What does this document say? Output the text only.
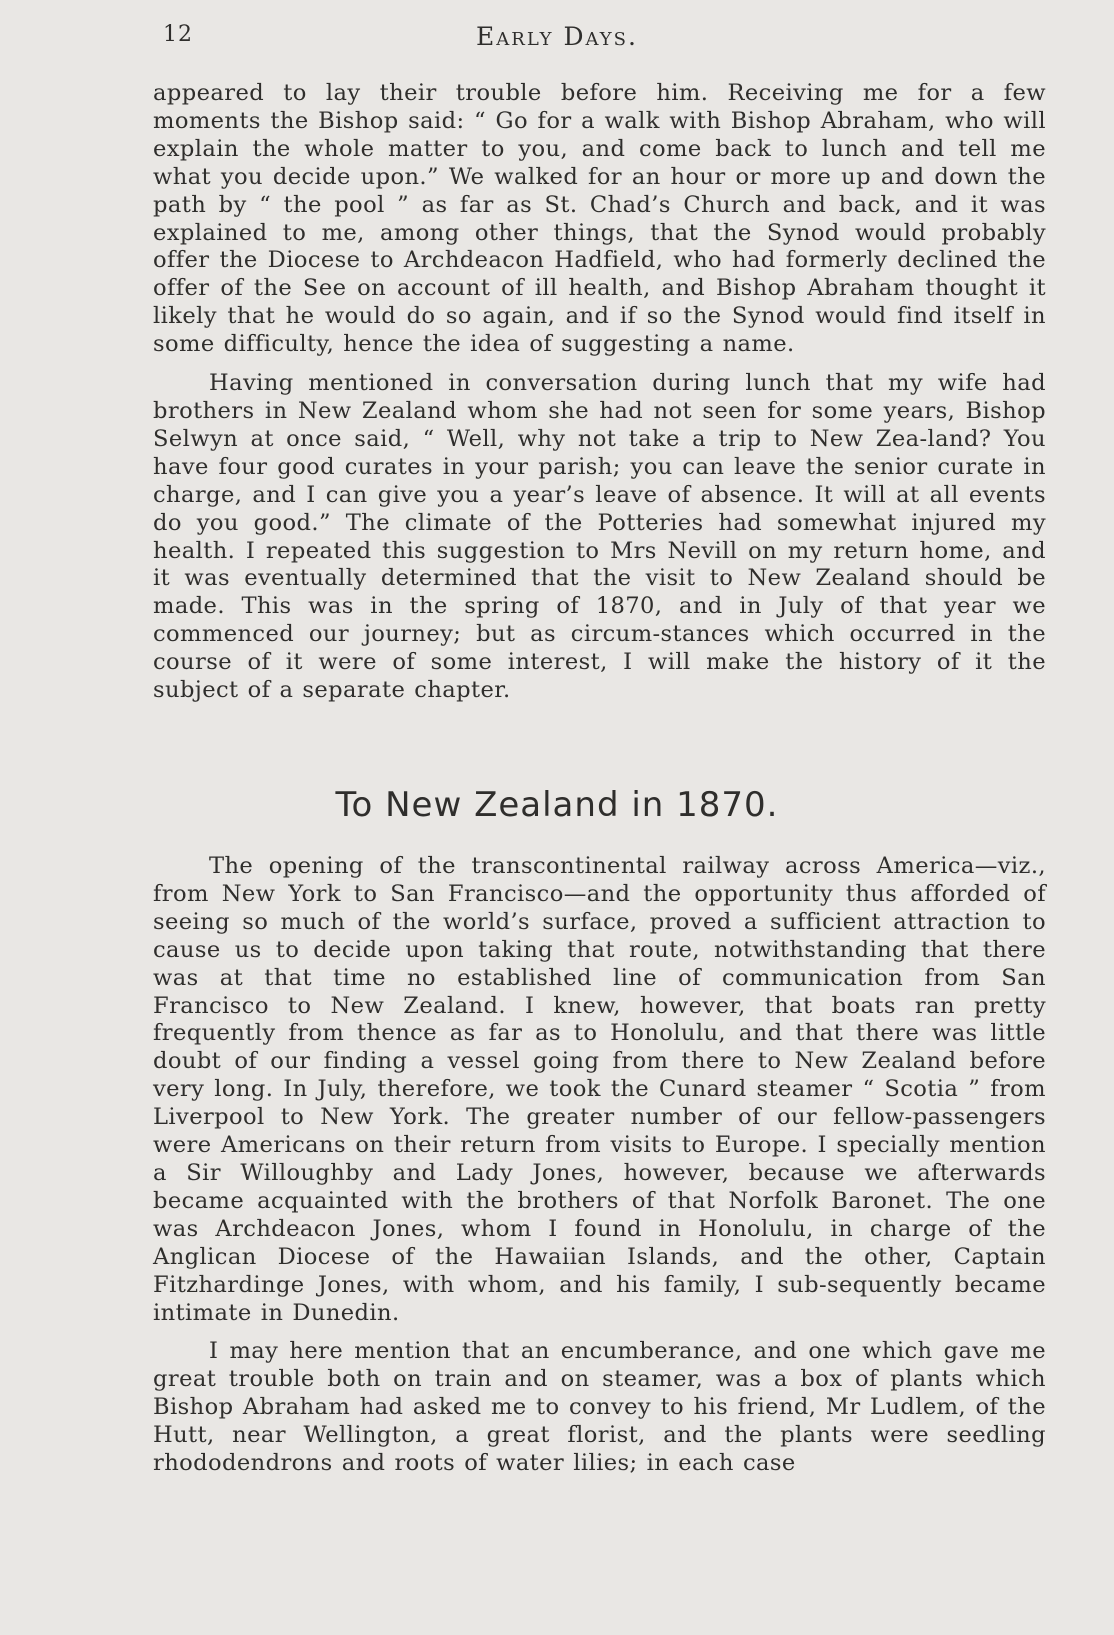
12	Early Days.

appeared to lay their trouble before him. Receiving me for a few moments the Bishop said: “ Go for a walk with Bishop Abraham, who will explain the whole matter to you, and come back to lunch and tell me what you decide upon.” We walked for an hour or more up and down the path by “ the pool ” as far as St. Chad’s Church and back, and it was explained to me, among other things, that the Synod would probably offer the Diocese to Archdeacon Hadfield, who had formerly declined the offer of the See on account of ill health, and Bishop Abraham thought it likely that he would do so again, and if so the Synod would find itself in some difficulty, hence the idea of suggesting a name.

Having mentioned in conversation during lunch that my wife had brothers in New Zealand whom she had not seen for some years, Bishop Selwyn at once said, “ Well, why not take a trip to New Zea-land? You have four good curates in your parish; you can leave the senior curate in charge, and I can give you a year’s leave of absence. It will at all events do you good.” The climate of the Potteries had somewhat injured my health. I repeated this suggestion to Mrs Nevill on my return home, and it was eventually determined that the visit to New Zealand should be made. This was in the spring of 1870, and in July of that year we commenced our journey; but as circum-stances which occurred in the course of it were of some interest, I will make the history of it the subject of a separate chapter.

To New Zealand in 1870.

The opening of the transcontinental railway across America—viz., from New York to San Francisco—and the opportunity thus afforded of seeing so much of the world’s surface, proved a sufficient attraction to cause us to decide upon taking that route, notwithstanding that there was at that time no established line of communication from San Francisco to New Zealand. I knew, however, that boats ran pretty frequently from thence as far as to Honolulu, and that there was little doubt of our finding a vessel going from there to New Zealand before very long. In July, therefore, we took the Cunard steamer “ Scotia ” from Liverpool to New York. The greater number of our fellow-passengers were Americans on their return from visits to Europe. I specially mention a Sir Willoughby and Lady Jones, however, because we afterwards became acquainted with the brothers of that Norfolk Baronet. The one was Archdeacon Jones, whom I found in Honolulu, in charge of the Anglican Diocese of the Hawaiian Islands, and the other, Captain Fitzhardinge Jones, with whom, and his family, I sub-sequently became intimate in Dunedin.

I may here mention that an encumberance, and one which gave me great trouble both on train and on steamer, was a box of plants which Bishop Abraham had asked me to convey to his friend, Mr Ludlem, of the Hutt, near Wellington, a great florist, and the plants were seedling rhododendrons and roots of water lilies; in each case
